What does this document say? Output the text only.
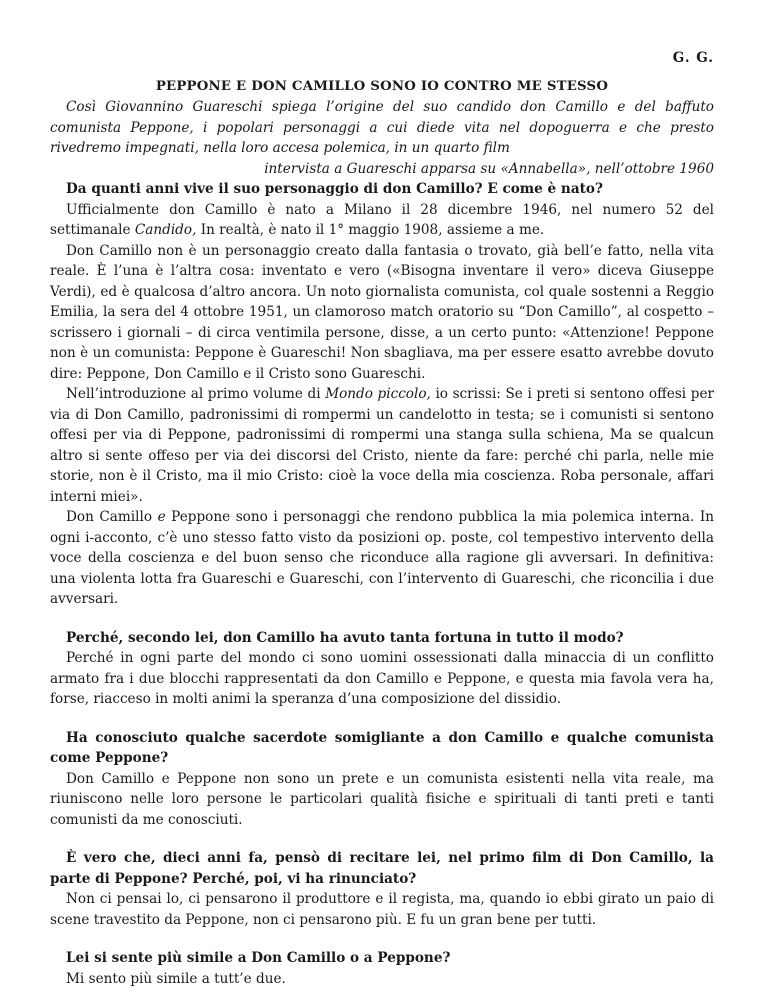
G. G.
PEPPONE E DON CAMILLO SONO IO CONTRO ME STESSO
Così Giovannino Guareschi spiega l’origine del suo candido don Camillo e del baffuto comunista Peppone, i popolari personaggi a cui diede vita nel dopoguerra e che presto rivedremo impegnati, nella loro accesa polemica, in un quarto film
intervista a Guareschi apparsa su «Annabella», nell’ottobre 1960
Da quanti anni vive il suo personaggio di don Camillo? E come è nato?

Ufficialmente don Camillo è nato a Milano il 28 dicembre 1946, nel numero 52 del settimanale Candido, In realtà, è nato il 1° maggio 1908, assieme a me.

Don Camillo non è un personaggio creato dalla fantasia o trovato, già bell’e fatto, nella vita reale. È l’una è l’altra cosa: inventato e vero («Bisogna inventare il vero» diceva Giuseppe Verdi), ed è qualcosa d’altro ancora. Un noto giornalista comunista, col quale sostenni a Reggio Emilia, la sera del 4 ottobre 1951, un clamoroso match oratorio su “Don Camillo”, al cospetto – scrissero i giornali – di circa ventimila persone, disse, a un certo punto: «Attenzione! Peppone non è un comunista: Peppone è Guareschi! Non sbagliava, ma per essere esatto avrebbe dovuto dire: Peppone, Don Camillo e il Cristo sono Guareschi.

Nell’introduzione al primo volume di Mondo piccolo, io scrissi: Se i preti si sentono offesi per via di Don Camillo, padronissimi di rompermi un candelotto in testa; se i comunisti si sentono offesi per via di Peppone, padronissimi di rompermi una stanga sulla schiena, Ma se qualcun altro si sente offeso per via dei discorsi del Cristo, niente da fare: perché chi parla, nelle mie storie, non è il Cristo, ma il mio Cristo: cioè la voce della mia coscienza. Roba personale, affari interni miei».

Don Camillo e Peppone sono i personaggi che rendono pubblica la mia polemica interna. In ogni i-acconto, c’è uno stesso fatto visto da posizioni op. poste, col tempestivo intervento della voce della coscienza e del buon senso che riconduce alla ragione gli avversari. In definitiva: una violenta lotta fra Guareschi e Guareschi, con l’intervento di Guareschi, che riconcilia i due avversari.

Perché, secondo lei, don Camillo ha avuto tanta fortuna in tutto il modo?

Perché in ogni parte del mondo ci sono uomini ossessionati dalla minaccia di un conflitto armato fra i due blocchi rappresentati da don Camillo e Peppone, e questa mia favola vera ha, forse, riacceso in molti animi la speranza d’una composizione del dissidio.

Ha conosciuto qualche sacerdote somigliante a don Camillo e qualche comunista come Peppone?

Don Camillo e Peppone non sono un prete e un comunista esistenti nella vita reale, ma riuniscono nelle loro persone le particolari qualità fisiche e spirituali di tanti preti e tanti comunisti da me conosciuti.

È vero che, dieci anni fa, pensò di recitare lei, nel primo film di Don Camillo, la parte di Peppone? Perché, poi, vi ha rinunciato?

Non ci pensai lo, ci pensarono il produttore e il regista, ma, quando io ebbi girato un paio di scene travestito da Peppone, non ci pensarono più. E fu un gran bene per tutti.

Lei si sente più simile a Don Camillo o a Peppone?

Mi sento più simile a tutt’e due.
